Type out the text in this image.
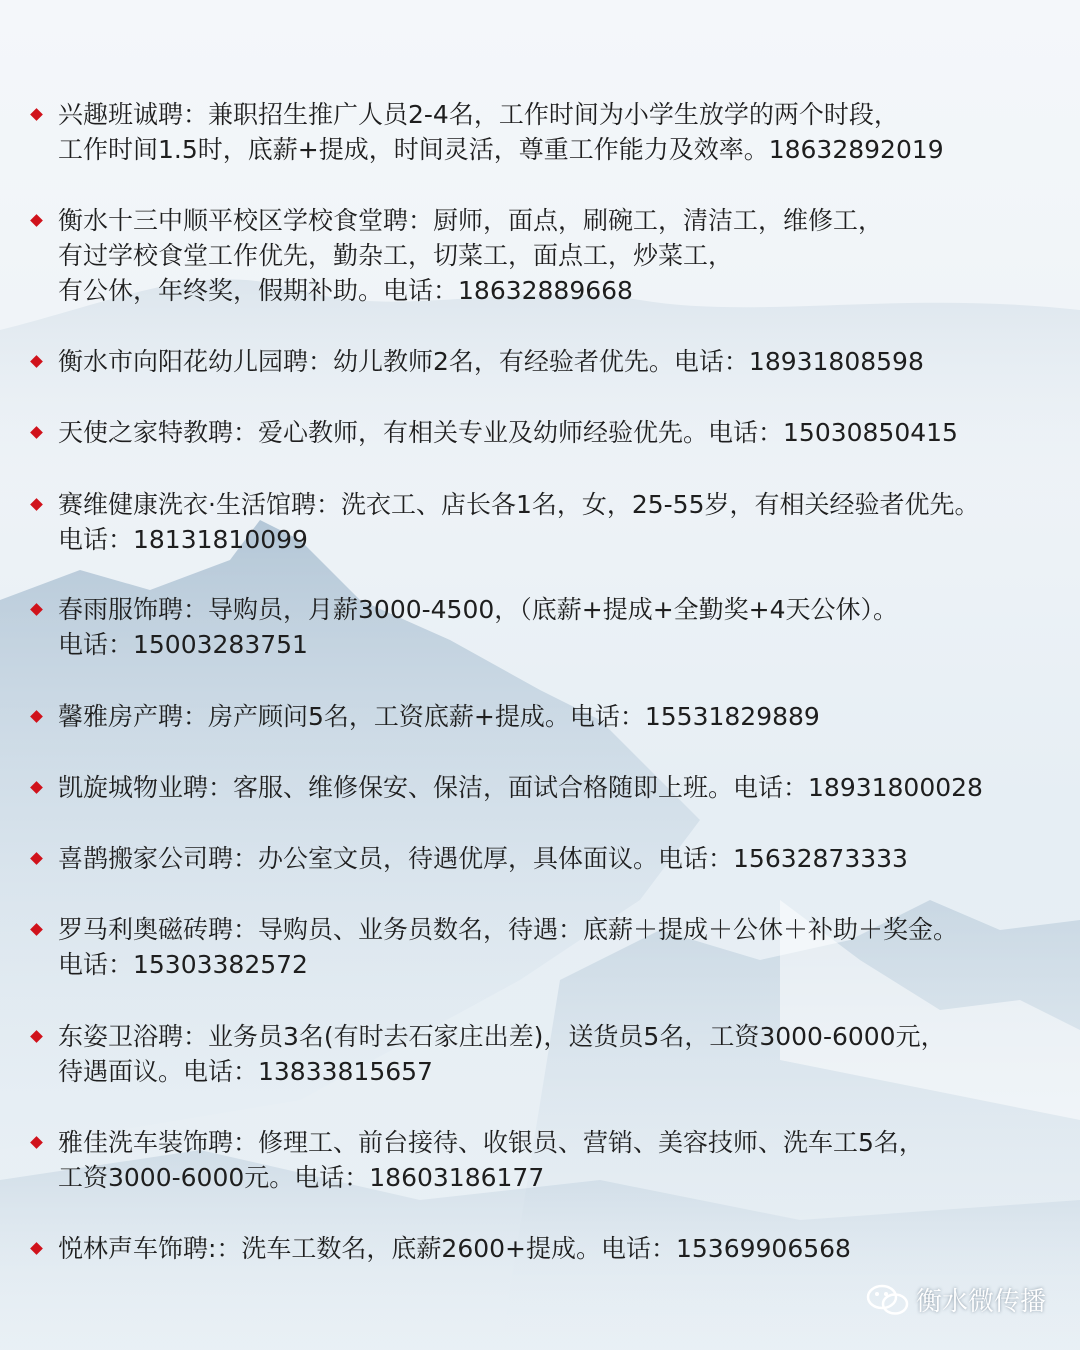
兴趣班诚聘：兼职招生推广人员2-4名，工作时间为小学生放学的两个时段，
工作时间1.5时，底薪+提成，时间灵活，尊重工作能力及效率。18632892019
衡水十三中顺平校区学校食堂聘：厨师，面点，刷碗工，清洁工，维修工，
有过学校食堂工作优先，勤杂工，切菜工，面点工，炒菜工，
有公休，年终奖，假期补助。电话：18632889668
衡水市向阳花幼儿园聘：幼儿教师2名，有经验者优先。电话：18931808598
天使之家特教聘：爱心教师，有相关专业及幼师经验优先。电话：15030850415
赛维健康洗衣·生活馆聘：洗衣工、店长各1名，女，25-55岁，有相关经验者优先。
电话：18131810099
春雨服饰聘：导购员，月薪3000-4500，（底薪+提成+全勤奖+4天公休）。
电话：15003283751
馨雅房产聘：房产顾问5名，工资底薪+提成。电话：15531829889
凯旋城物业聘：客服、维修保安、保洁，面试合格随即上班。电话：18931800028
喜鹊搬家公司聘：办公室文员，待遇优厚，具体面议。电话：15632873333
罗马利奥磁砖聘：导购员、业务员数名，待遇：底薪＋提成＋公休＋补助＋奖金。
电话：15303382572
东姿卫浴聘：业务员3名(有时去石家庄出差)，送货员5名，工资3000-6000元，
待遇面议。电话：13833815657
雅佳洗车装饰聘：修理工、前台接待、收银员、营销、美容技师、洗车工5名，
工资3000-6000元。电话：18603186177
悦林声车饰聘:：洗车工数名，底薪2600+提成。电话：15369906568
衡水微传播
